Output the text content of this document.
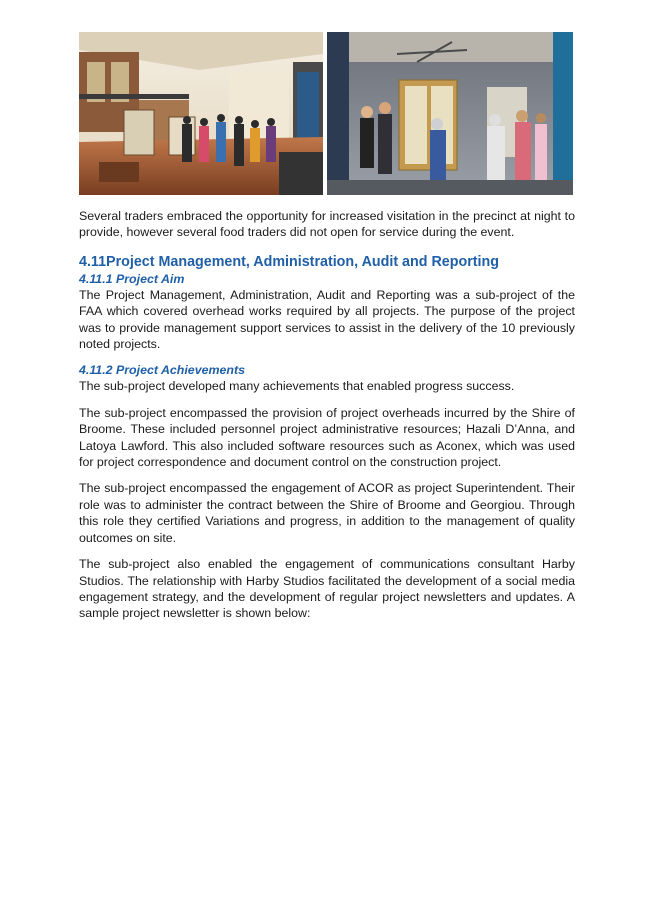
Several traders embraced the opportunity for increased visitation in the precinct at night to provide, however several food traders did not open for service during the event.

4.11Project Management, Administration, Audit and Reporting
4.11.1 Project Aim

The Project Management, Administration, Audit and Reporting was a sub-project of the FAA which covered overhead works required by all projects. The purpose of the project was to provide management support services to assist in the delivery of the 10 previously noted projects.

4.11.2 Project Achievements

The sub-project developed many achievements that enabled progress success.

The sub-project encompassed the provision of project overheads incurred by the Shire of Broome. These included personnel project administrative resources; Hazali D’Anna, and Latoya Lawford. This also included software resources such as Aconex, which was used for project correspondence and document control on the construction project.

The sub-project encompassed the engagement of ACOR as project Superintendent. Their role was to administer the contract between the Shire of Broome and Georgiou. Through this role they certified Variations and progress, in addition to the management of quality outcomes on site.

The sub-project also enabled the engagement of communications consultant Harby Studios. The relationship with Harby Studios facilitated the development of a social media engagement strategy, and the development of regular project newsletters and updates. A sample project newsletter is shown below:
